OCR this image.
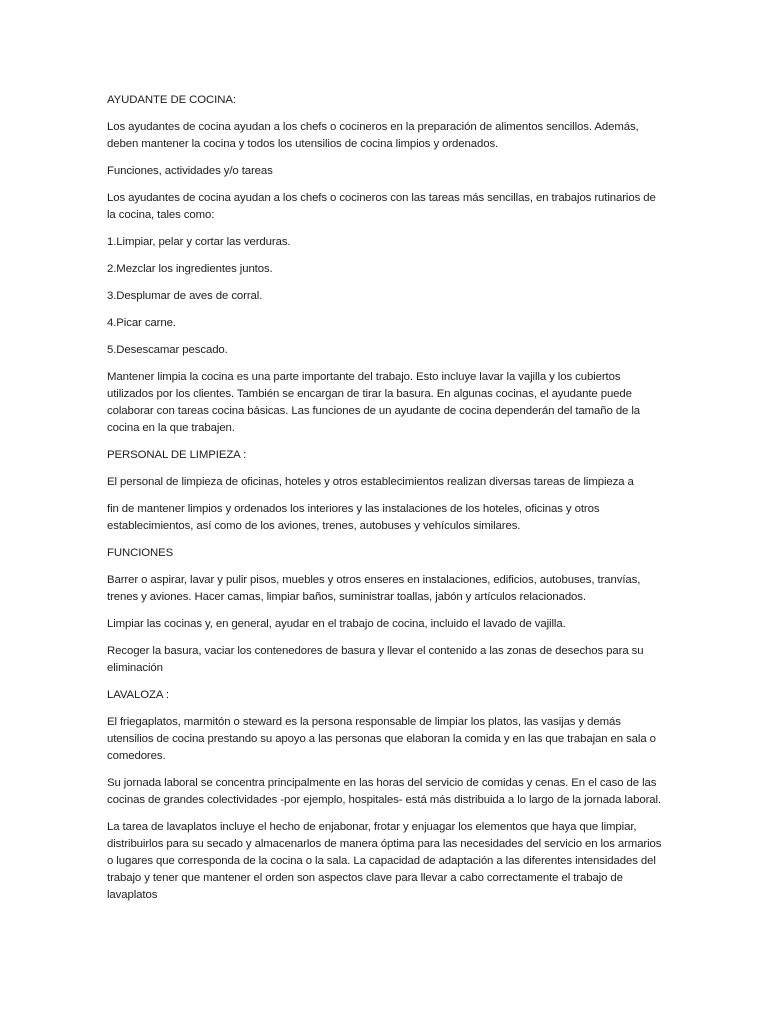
AYUDANTE DE COCINA:

Los ayudantes de cocina ayudan a los chefs o cocineros en la preparación de alimentos sencillos. Además, deben mantener la cocina y todos los utensilios de cocina limpios y ordenados.

Funciones, actividades y/o tareas

Los ayudantes de cocina ayudan a los chefs o cocineros con las tareas más sencillas, en trabajos rutinarios de la cocina, tales como:

1.Limpiar, pelar y cortar las verduras.

2.Mezclar los ingredientes juntos.

3.Desplumar de aves de corral.

4.Picar carne.

5.Desescamar pescado.

Mantener limpia la cocina es una parte importante del trabajo. Esto incluye lavar la vajilla y los cubiertos utilizados por los clientes. También se encargan de tirar la basura. En algunas cocinas, el ayudante puede colaborar con tareas cocina básicas. Las funciones de un ayudante de cocina dependerán del tamaño de la cocina en la que trabajen.

PERSONAL DE LIMPIEZA :

El personal de limpieza de oficinas, hoteles y otros establecimientos realizan diversas tareas de limpieza a

fin de mantener limpios y ordenados los interiores y las instalaciones de los hoteles, oficinas y otros establecimientos, así como de los aviones, trenes, autobuses y vehículos similares.

FUNCIONES

Barrer o aspirar, lavar y pulir pisos, muebles y otros enseres en instalaciones, edificios, autobuses, tranvías, trenes y aviones. Hacer camas, limpiar baños, suministrar toallas, jabón y artículos relacionados.

Limpiar las cocinas y, en general, ayudar en el trabajo de cocina, incluido el lavado de vajilla.

Recoger la basura, vaciar los contenedores de basura y llevar el contenido a las zonas de desechos para su eliminación

LAVALOZA :

El friegaplatos, marmitón o steward es la persona responsable de limpiar los platos, las vasijas y demás utensilios de cocina prestando su apoyo a las personas que elaboran la comida y en las que trabajan en sala o comedores.

Su jornada laboral se concentra principalmente en las horas del servicio de comidas y cenas. En el caso de las cocinas de grandes colectividades -por ejemplo, hospitales- está más distribuida a lo largo de la jornada laboral.

La tarea de lavaplatos incluye el hecho de enjabonar, frotar y enjuagar los elementos que haya que limpiar, distribuirlos para su secado y almacenarlos de manera óptima para las necesidades del servicio en los armarios o lugares que corresponda de la cocina o la sala. La capacidad de adaptación a las diferentes intensidades del trabajo y tener que mantener el orden son aspectos clave para llevar a cabo correctamente el trabajo de lavaplatos
